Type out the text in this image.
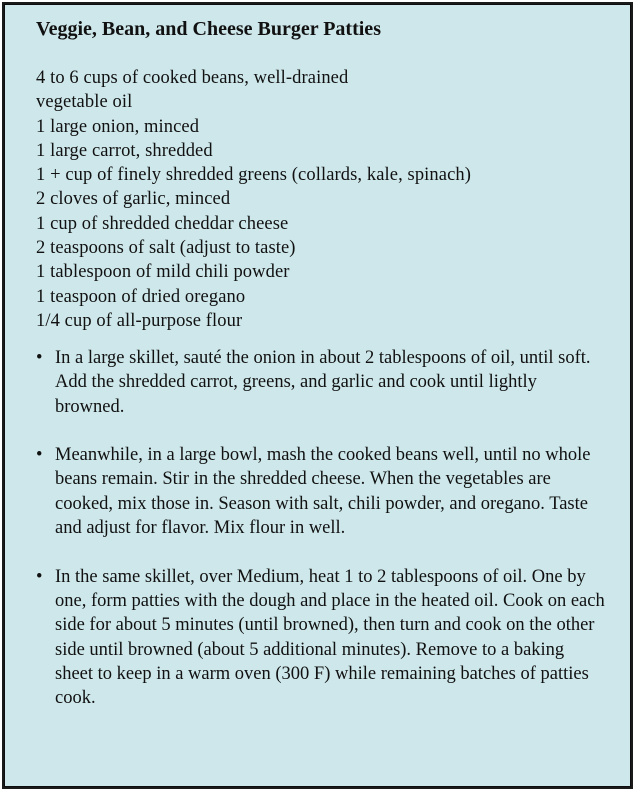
Veggie, Bean, and Cheese Burger Patties
4 to 6 cups of cooked beans, well-drained
vegetable oil
1 large onion, minced
1 large carrot, shredded
1 + cup of finely shredded greens (collards, kale, spinach)
2 cloves of garlic, minced
1 cup of shredded cheddar cheese
2 teaspoons of salt (adjust to taste)
1 tablespoon of mild chili powder
1 teaspoon of dried oregano
1/4 cup of all-purpose flour
• In a large skillet, sauté the onion in about 2 tablespoons of oil, until soft. Add the shredded carrot, greens, and garlic and cook until lightly browned.
• Meanwhile, in a large bowl, mash the cooked beans well, until no whole beans remain. Stir in the shredded cheese. When the vegetables are cooked, mix those in. Season with salt, chili powder, and oregano. Taste and adjust for flavor. Mix flour in well.
• In the same skillet, over Medium, heat 1 to 2 tablespoons of oil. One by one, form patties with the dough and place in the heated oil. Cook on each side for about 5 minutes (until browned), then turn and cook on the other side until browned (about 5 additional minutes). Remove to a baking sheet to keep in a warm oven (300 F) while remaining batches of patties cook.
